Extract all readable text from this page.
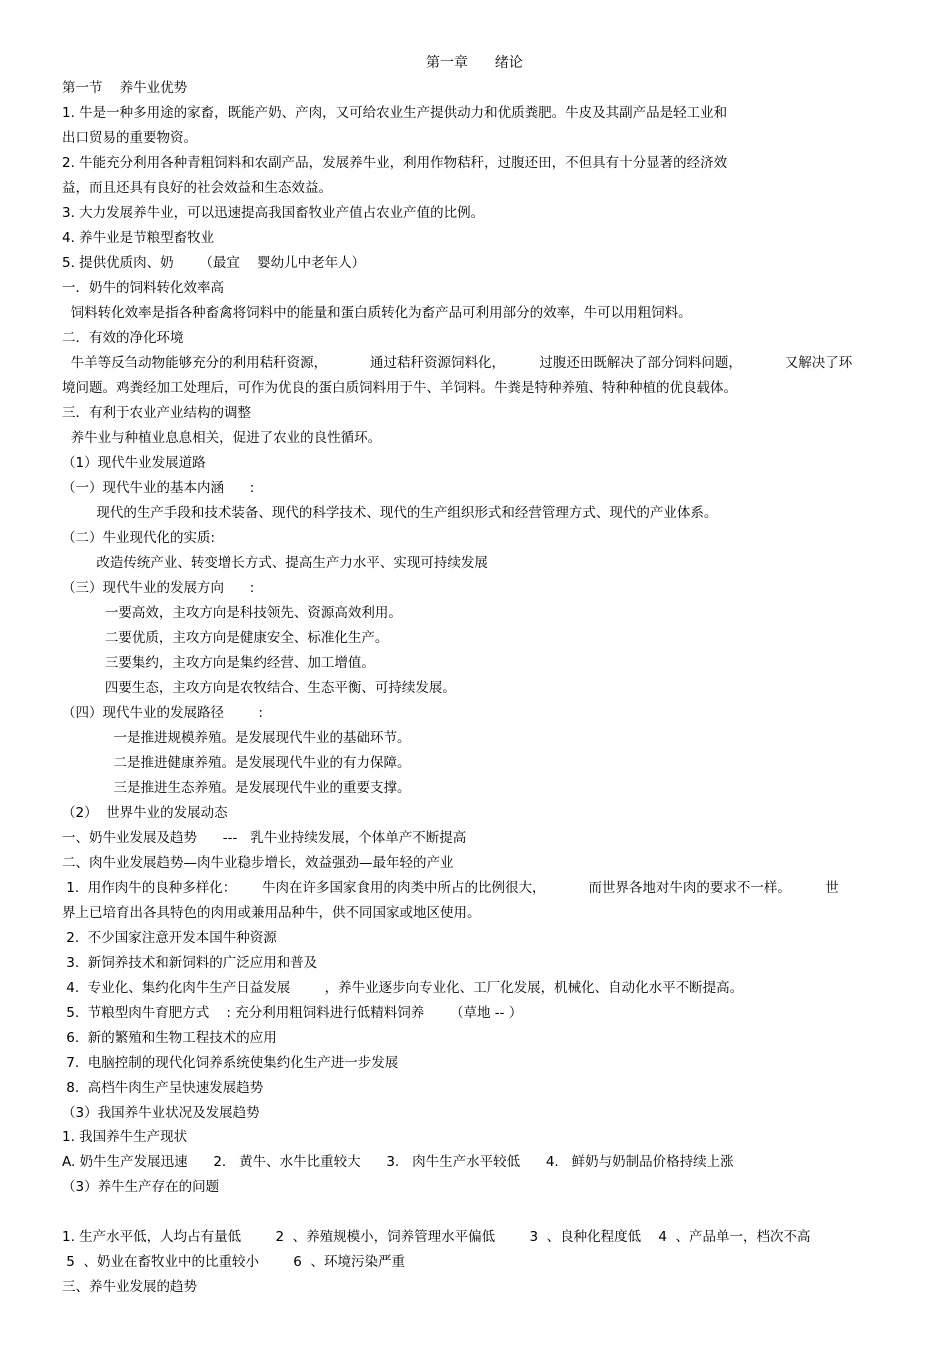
第一章      绪论
第一节    养牛业优势
1. 牛是一种多用途的家畜，既能产奶、产肉，又可给农业生产提供动力和优质粪肥。牛皮及其副产品是轻工业和
出口贸易的重要物资。
2. 牛能充分利用各种青粗饲料和农副产品，发展养牛业，利用作物秸秆，过腹还田，不但具有十分显著的经济效
益，而且还具有良好的社会效益和生态效益。
3. 大力发展养牛业，可以迅速提高我国畜牧业产值占农业产值的比例。
4. 养牛业是节粮型畜牧业
5. 提供优质肉、奶      （最宜    婴幼儿中老年人）
一．奶牛的饲料转化效率高
饲料转化效率是指各种畜禽将饲料中的能量和蛋白质转化为畜产品可利用部分的效率，牛可以用粗饲料。
二．有效的净化环境
牛羊等反刍动物能够充分的利用秸秆资源，          通过秸秆资源饲料化，        过腹还田既解决了部分饲料问题，          又解决了环
境问题。鸡粪经加工处理后，可作为优良的蛋白质饲料用于牛、羊饲料。牛粪是特种养殖、特种种植的优良载体。
三．有利于农业产业结构的调整
养牛业与种植业息息相关，促进了农业的良性循环。
（1）现代牛业发展道路
（一）现代牛业的基本内涵      :
现代的生产手段和技术装备、现代的科学技术、现代的生产组织形式和经营管理方式、现代的产业体系。
（二）牛业现代化的实质:
改造传统产业、转变增长方式、提高生产力水平、实现可持续发展
（三）现代牛业的发展方向      :
一要高效，主攻方向是科技领先、资源高效利用。
二要优质，主攻方向是健康安全、标准化生产。
三要集约，主攻方向是集约经营、加工增值。
四要生态，主攻方向是农牧结合、生态平衡、可持续发展。
（四）现代牛业的发展路径        :
一是推进规模养殖。是发展现代牛业的基础环节。
二是推进健康养殖。是发展现代牛业的有力保障。
三是推进生态养殖。是发展现代牛业的重要支撑。
（2）  世界牛业的发展动态
一、奶牛业发展及趋势      ---   乳牛业持续发展，个体单产不断提高
二、肉牛业发展趋势—肉牛业稳步增长，效益强劲—最年轻的产业
1.  用作肉牛的良种多样化：      牛肉在许多国家食用的肉类中所占的比例很大，          而世界各地对牛肉的要求不一样。        世
界上已培育出各具特色的肉用或兼用品种牛，供不同国家或地区使用。
2.  不少国家注意开发本国牛种资源
3.  新饲养技术和新饲料的广泛应用和普及
4.  专业化、集约化肉牛生产日益发展        ，养牛业逐步向专业化、工厂化发展，机械化、自动化水平不断提高。
5.  节粮型肉牛育肥方式    : 充分利用粗饲料进行低精料饲养      （草地 -- ）
6.  新的繁殖和生物工程技术的应用
7.  电脑控制的现代化饲养系统使集约化生产进一步发展
8.  高档牛肉生产呈快速发展趋势
（3）我国养牛业状况及发展趋势
1. 我国养牛生产现状
A. 奶牛生产发展迅速      2.   黄牛、水牛比重较大      3.   肉牛生产水平较低      4.   鲜奶与奶制品价格持续上涨
（3）养牛生产存在的问题
1. 生产水平低，人均占有量低        2  、养殖规模小，饲养管理水平偏低        3  、良种化程度低    4  、产品单一，档次不高
5  、奶业在畜牧业中的比重较小        6  、环境污染严重
三、养牛业发展的趋势
